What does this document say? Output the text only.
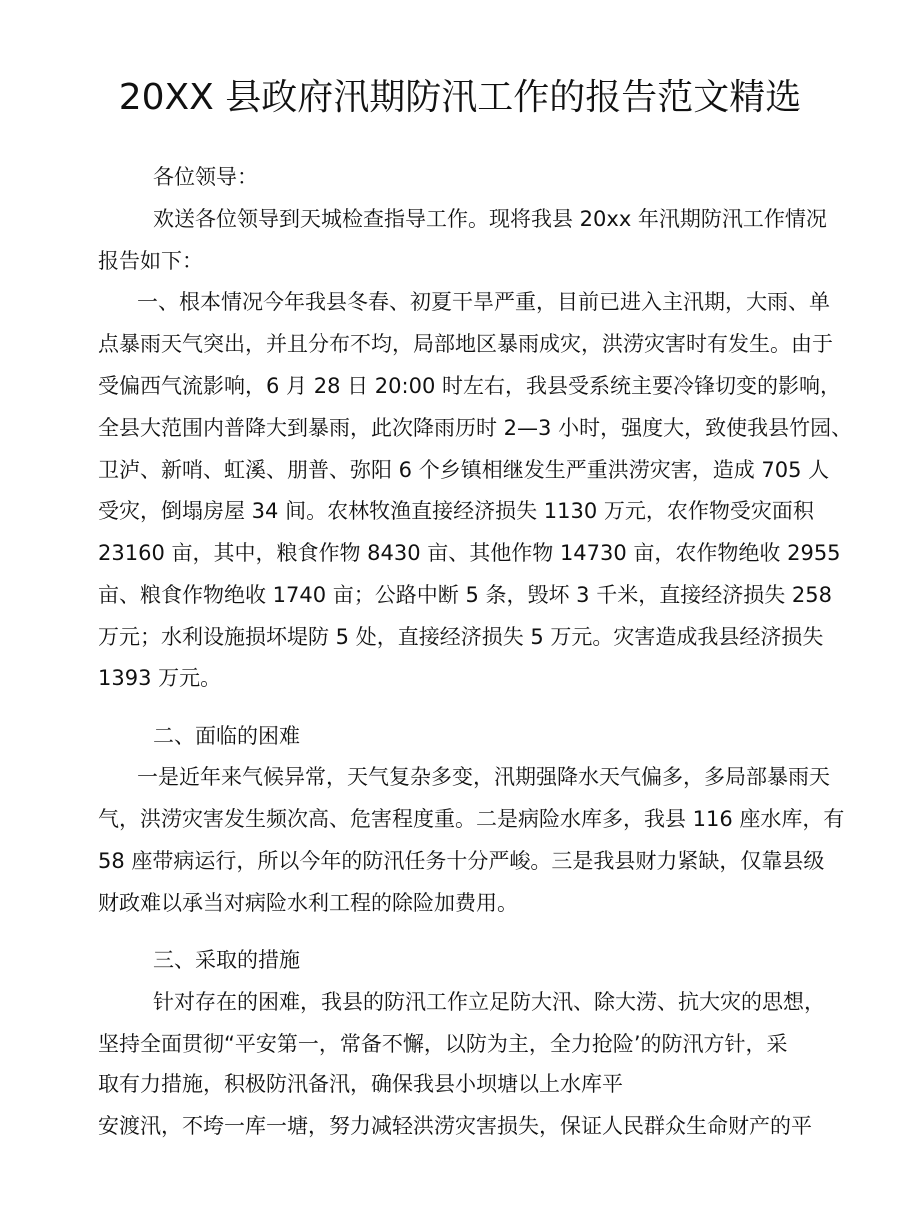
20XX 县政府汛期防汛工作的报告范文精选

各位领导：

欢送各位领导到天城检查指导工作。现将我县 20xx 年汛期防汛工作情况

报告如下：

一、根本情况今年我县冬春、初夏干旱严重，目前已进入主汛期，大雨、单

点暴雨天气突出，并且分布不均，局部地区暴雨成灾，洪涝灾害时有发生。由于

受偏西气流影响，6 月 28 日 20:00 时左右，我县受系统主要冷锋切变的影响，

全县大范围内普降大到暴雨，此次降雨历时 2—3 小时，强度大，致使我县竹园、

卫泸、新哨、虹溪、朋普、弥阳 6 个乡镇相继发生严重洪涝灾害，造成 705 人

受灾，倒塌房屋 34 间。农林牧渔直接经济损失 1130 万元，农作物受灾面积

23160 亩，其中，粮食作物 8430 亩、其他作物 14730 亩，农作物绝收 2955

亩、粮食作物绝收 1740 亩；公路中断 5 条，毁坏 3 千米，直接经济损失 258

万元；水利设施损坏堤防 5 处，直接经济损失 5 万元。灾害造成我县经济损失

1393 万元。

二、面临的困难

一是近年来气候异常，天气复杂多变，汛期强降水天气偏多，多局部暴雨天

气，洪涝灾害发生频次高、危害程度重。二是病险水库多，我县 116 座水库，有

58 座带病运行，所以今年的防汛任务十分严峻。三是我县财力紧缺，仅靠县级

财政难以承当对病险水利工程的除险加费用。

三、采取的措施

针对存在的困难，我县的防汛工作立足防大汛、除大涝、抗大灾的思想，

坚持全面贯彻“平安第一，常备不懈，以防为主，全力抢险’的防汛方针，采

取有力措施，积极防汛备汛，确保我县小坝塘以上水库平

安渡汛，不垮一库一塘，努力减轻洪涝灾害损失，保证人民群众生命财产的平
